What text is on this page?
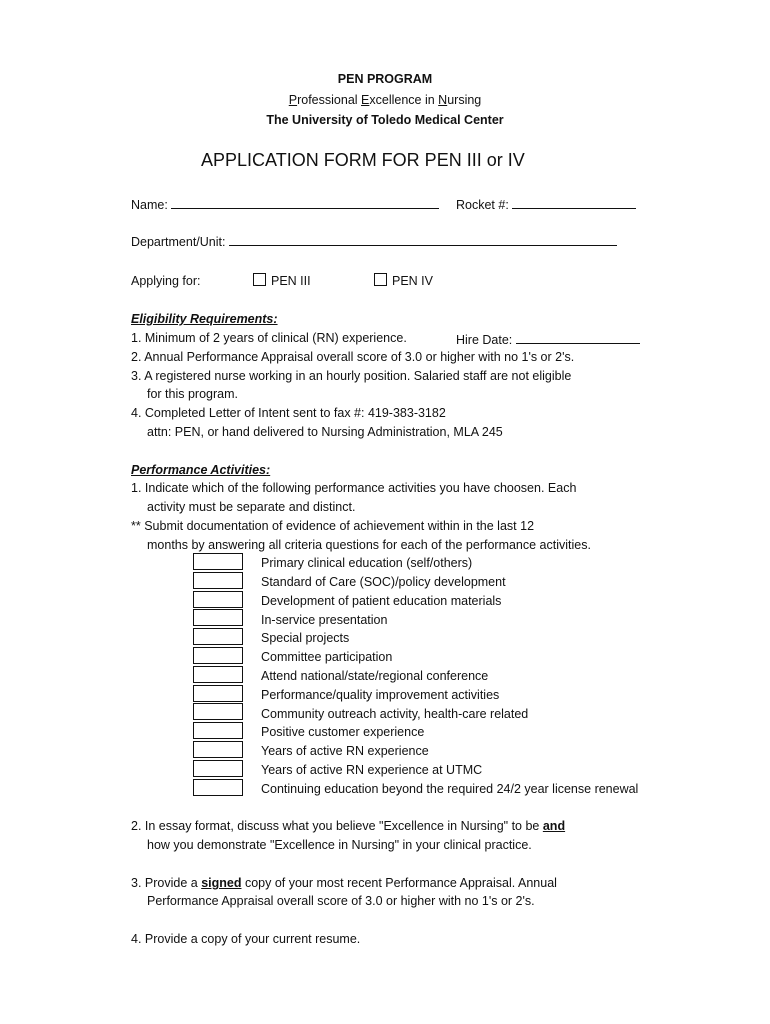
PEN PROGRAM
Professional Excellence in Nursing
The University of Toledo Medical Center
APPLICATION FORM FOR PEN III or IV
Name:	Rocket #:
Department/Unit:
Applying for:	PEN III	PEN IV
Eligibility Requirements:
1. Minimum of 2 years of clinical (RN) experience.	Hire Date:
2. Annual Performance Appraisal overall score of 3.0 or higher with no 1's or 2's.
3. A registered nurse working in an hourly position. Salaried staff are not eligible
for this program.
4. Completed Letter of Intent sent to fax #: 419-383-3182
attn: PEN, or hand delivered to Nursing Administration, MLA 245
Performance Activities:
1. Indicate which of the following performance activities you have choosen. Each
activity must be separate and distinct.
** Submit documentation of evidence of achievement within in the last 12
months by answering all criteria questions for each of the performance activities.
Primary clinical education (self/others)
Standard of Care (SOC)/policy development
Development of patient education materials
In-service presentation
Special projects
Committee participation
Attend national/state/regional conference
Performance/quality improvement activities
Community outreach activity, health-care related
Positive customer experience
Years of active RN experience
Years of active RN experience at UTMC
Continuing education beyond the required 24/2 year license renewal
2. In essay format, discuss what you believe "Excellence in Nursing" to be and
how you demonstrate "Excellence in Nursing" in your clinical practice.
3. Provide a signed copy of your most recent Performance Appraisal. Annual
Performance Appraisal overall score of 3.0 or higher with no 1's or 2's.
4. Provide a copy of your current resume.
